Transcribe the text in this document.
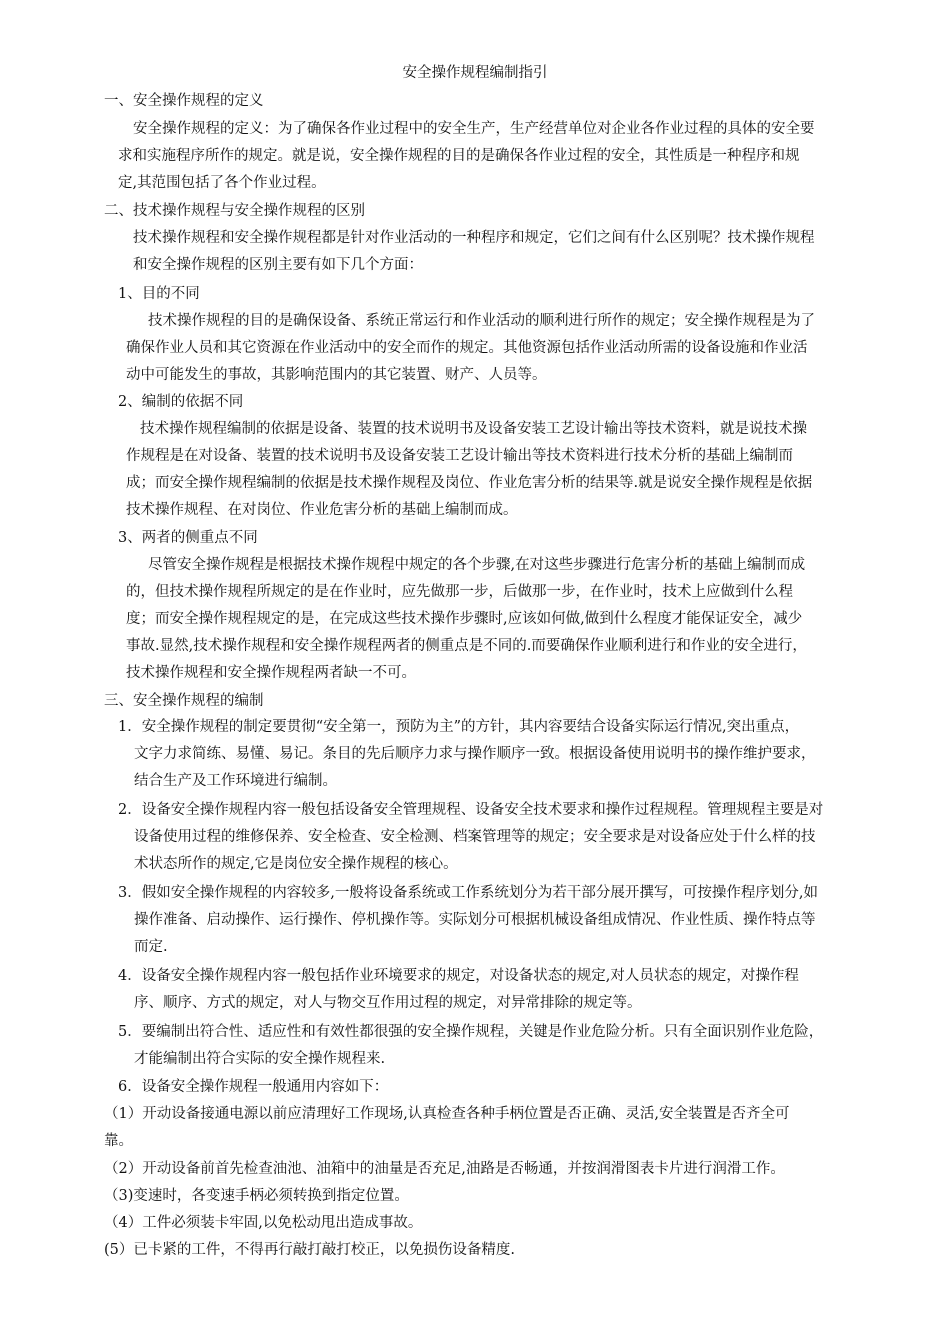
安全操作规程编制指引
一、安全操作规程的定义
安全操作规程的定义：为了确保各作业过程中的安全生产，生产经营单位对企业各作业过程的具体的安全要
求和实施程序所作的规定。就是说，安全操作规程的目的是确保各作业过程的安全，其性质是一种程序和规
定,其范围包括了各个作业过程。
二、技术操作规程与安全操作规程的区别
技术操作规程和安全操作规程都是针对作业活动的一种程序和规定，它们之间有什么区别呢？技术操作规程
和安全操作规程的区别主要有如下几个方面：
1、目的不同
技术操作规程的目的是确保设备、系统正常运行和作业活动的顺利进行所作的规定；安全操作规程是为了
确保作业人员和其它资源在作业活动中的安全而作的规定。其他资源包括作业活动所需的设备设施和作业活
动中可能发生的事故，其影响范围内的其它装置、财产、人员等。
2、编制的依据不同
技术操作规程编制的依据是设备、装置的技术说明书及设备安装工艺设计输出等技术资料，就是说技术操
作规程是在对设备、装置的技术说明书及设备安装工艺设计输出等技术资料进行技术分析的基础上编制而
成；而安全操作规程编制的依据是技术操作规程及岗位、作业危害分析的结果等.就是说安全操作规程是依据
技术操作规程、在对岗位、作业危害分析的基础上编制而成。
3、两者的侧重点不同
尽管安全操作规程是根据技术操作规程中规定的各个步骤,在对这些步骤进行危害分析的基础上编制而成
的，但技术操作规程所规定的是在作业时，应先做那一步，后做那一步，在作业时，技术上应做到什么程
度；而安全操作规程规定的是，在完成这些技术操作步骤时,应该如何做,做到什么程度才能保证安全，减少
事故.显然,技术操作规程和安全操作规程两者的侧重点是不同的.而要确保作业顺利进行和作业的安全进行，
技术操作规程和安全操作规程两者缺一不可。
三、安全操作规程的编制
1．安全操作规程的制定要贯彻“安全第一，预防为主”的方针，其内容要结合设备实际运行情况,突出重点，
文字力求简练、易懂、易记。条目的先后顺序力求与操作顺序一致。根据设备使用说明书的操作维护要求，
结合生产及工作环境进行编制。
2．设备安全操作规程内容一般包括设备安全管理规程、设备安全技术要求和操作过程规程。管理规程主要是对
设备使用过程的维修保养、安全检查、安全检测、档案管理等的规定；安全要求是对设备应处于什么样的技
术状态所作的规定,它是岗位安全操作规程的核心。
3．假如安全操作规程的内容较多,一般将设备系统或工作系统划分为若干部分展开撰写，可按操作程序划分,如
操作准备、启动操作、运行操作、停机操作等。实际划分可根据机械设备组成情况、作业性质、操作特点等
而定.
4．设备安全操作规程内容一般包括作业环境要求的规定，对设备状态的规定,对人员状态的规定，对操作程
序、顺序、方式的规定，对人与物交互作用过程的规定，对异常排除的规定等。
5．要编制出符合性、适应性和有效性都很强的安全操作规程，关键是作业危险分析。只有全面识别作业危险，
才能编制出符合实际的安全操作规程来.
6．设备安全操作规程一般通用内容如下：
（1）开动设备接通电源以前应清理好工作现场,认真检查各种手柄位置是否正确、灵活,安全装置是否齐全可
靠。
（2）开动设备前首先检查油池、油箱中的油量是否充足,油路是否畅通，并按润滑图表卡片进行润滑工作。
（3)变速时，各变速手柄必须转换到指定位置。
（4）工件必须装卡牢固,以免松动甩出造成事故。
(5）已卡紧的工件，不得再行敲打敲打校正，以免损伤设备精度.
